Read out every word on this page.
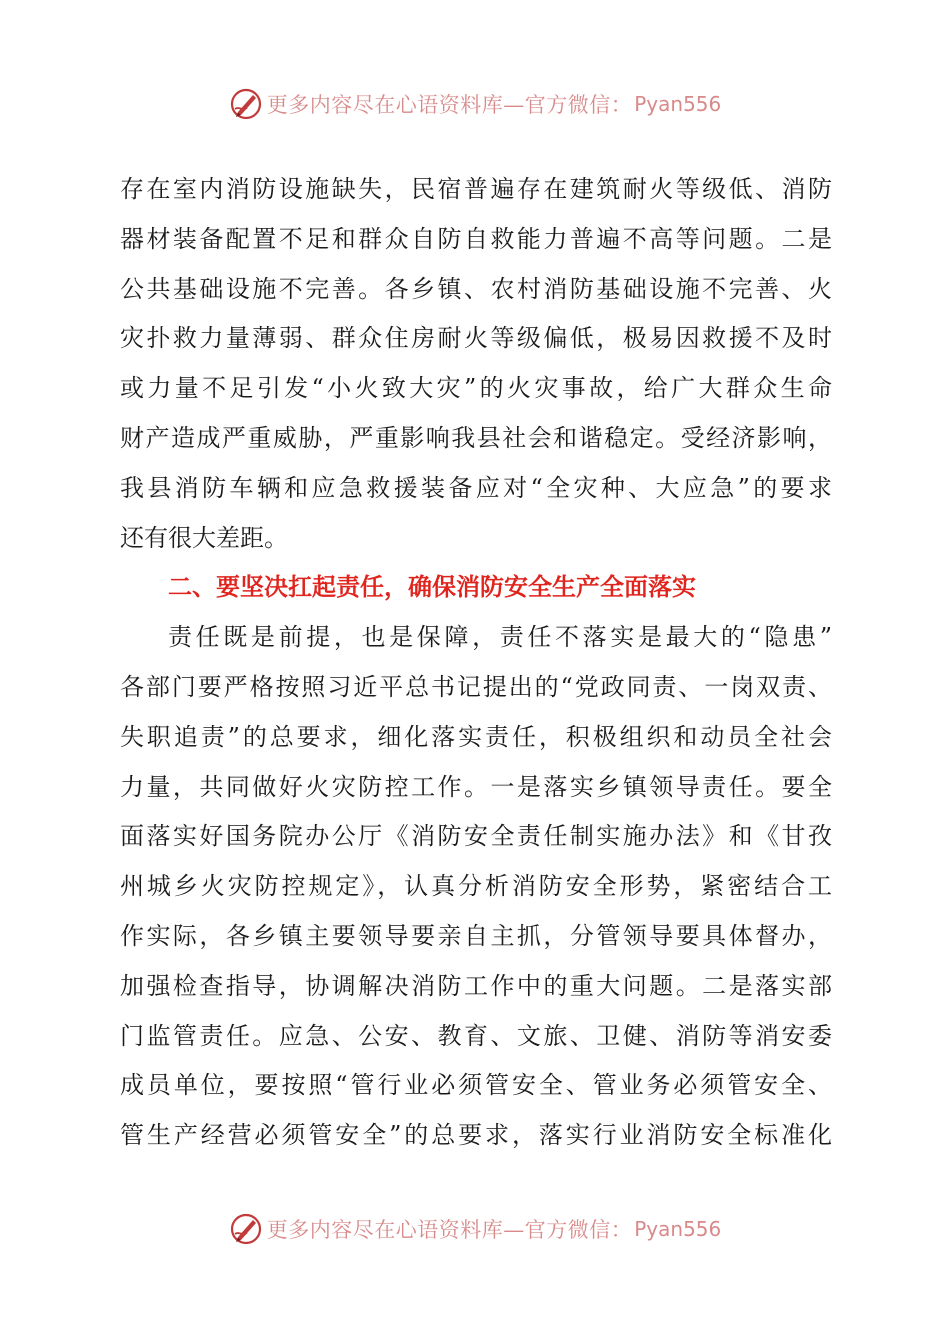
更多内容尽在心语资料库—官方微信： Pyan556
存在室内消防设施缺失，民宿普遍存在建筑耐火等级低、消防
器材装备配置不足和群众自防自救能力普遍不高等问题。二是
公共基础设施不完善。各乡镇、农村消防基础设施不完善、火
灾扑救力量薄弱、群众住房耐火等级偏低，极易因救援不及时
或力量不足引发“小火致大灾”的火灾事故，给广大群众生命
财产造成严重威胁，严重影响我县社会和谐稳定。受经济影响，
我县消防车辆和应急救援装备应对“全灾种、大应急”的要求
还有很大差距。
二、要坚决扛起责任，确保消防安全生产全面落实
责任既是前提，也是保障，责任不落实是最大的“隐患”
各部门要严格按照习近平总书记提出的“党政同责、一岗双责、
失职追责”的总要求，细化落实责任，积极组织和动员全社会
力量，共同做好火灾防控工作。一是落实乡镇领导责任。要全
面落实好国务院办公厅《消防安全责任制实施办法》和《甘孜
州城乡火灾防控规定》，认真分析消防安全形势，紧密结合工
作实际，各乡镇主要领导要亲自主抓，分管领导要具体督办，
加强检查指导，协调解决消防工作中的重大问题。二是落实部
门监管责任。应急、公安、教育、文旅、卫健、消防等消安委
成员单位，要按照“管行业必须管安全、管业务必须管安全、
管生产经营必须管安全”的总要求，落实行业消防安全标准化
更多内容尽在心语资料库—官方微信： Pyan556
